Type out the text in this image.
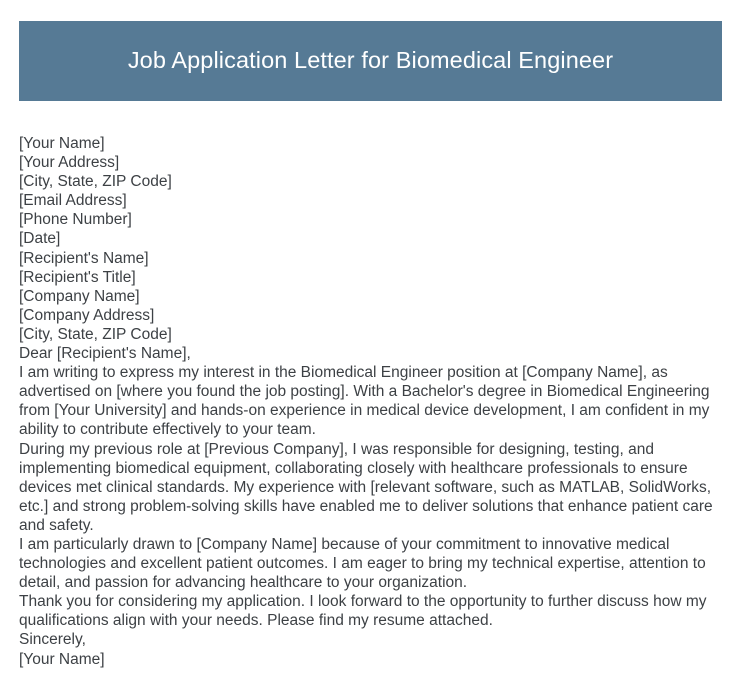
Job Application Letter for Biomedical Engineer
[Your Name]
[Your Address]
[City, State, ZIP Code]
[Email Address]
[Phone Number]
[Date]
[Recipient's Name]
[Recipient's Title]
[Company Name]
[Company Address]
[City, State, ZIP Code]
Dear [Recipient's Name],

I am writing to express my interest in the Biomedical Engineer position at [Company Name], as advertised on [where you found the job posting]. With a Bachelor's degree in Biomedical Engineering from [Your University] and hands-on experience in medical device development, I am confident in my ability to contribute effectively to your team.

During my previous role at [Previous Company], I was responsible for designing, testing, and implementing biomedical equipment, collaborating closely with healthcare professionals to ensure devices met clinical standards. My experience with [relevant software, such as MATLAB, SolidWorks, etc.] and strong problem-solving skills have enabled me to deliver solutions that enhance patient care and safety.

I am particularly drawn to [Company Name] because of your commitment to innovative medical technologies and excellent patient outcomes. I am eager to bring my technical expertise, attention to detail, and passion for advancing healthcare to your organization.

Thank you for considering my application. I look forward to the opportunity to further discuss how my qualifications align with your needs. Please find my resume attached.

Sincerely,
[Your Name]
